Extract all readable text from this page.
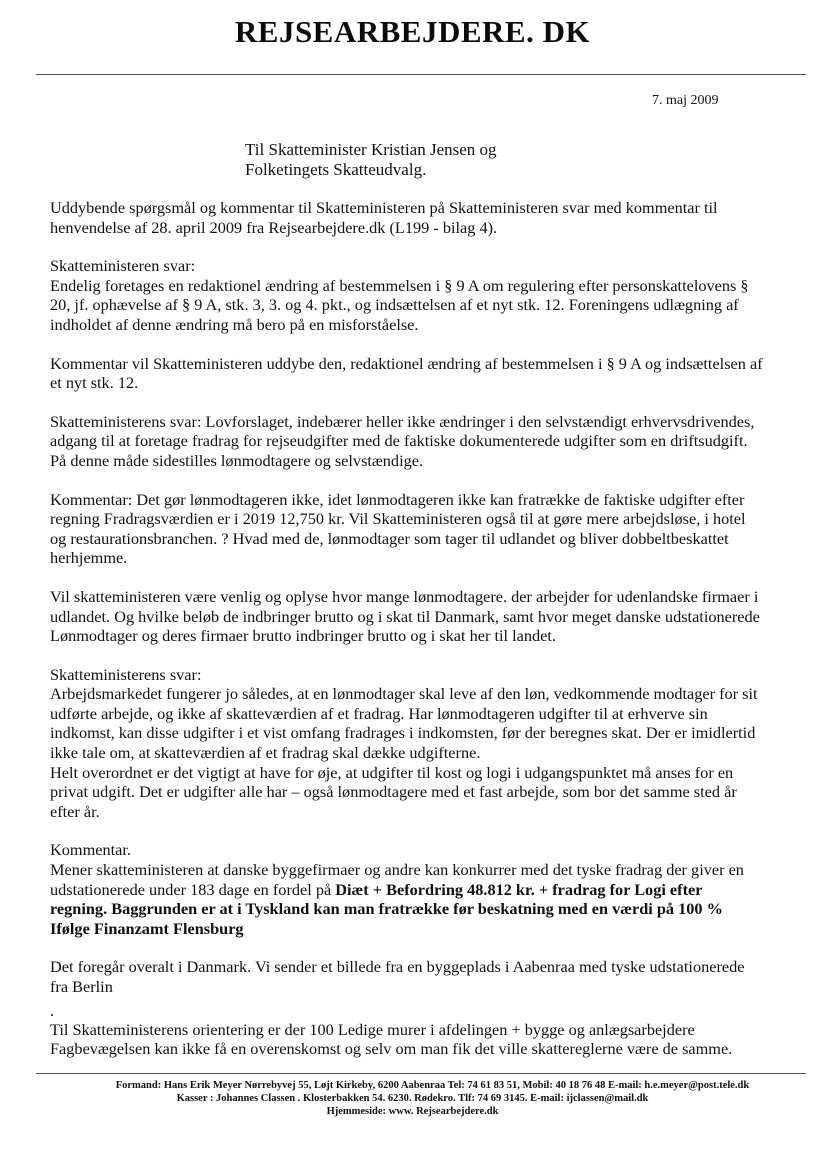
REJSEARBEJDERE. DK
7. maj 2009
Til Skatteminister Kristian Jensen og
Folketingets Skatteudvalg.

Uddybende spørgsmål og kommentar til Skatteministeren på Skatteministeren svar med kommentar til
henvendelse af 28. april 2009 fra Rejsearbejdere.dk (L199 - bilag 4).

Skatteministeren svar:
Endelig foretages en redaktionel ændring af bestemmelsen i § 9 A om regulering efter personskattelovens §
20, jf. ophævelse af § 9 A, stk. 3, 3. og 4. pkt., og indsættelsen af et nyt stk. 12. Foreningens udlægning af
indholdet af denne ændring må bero på en misforståelse.

Kommentar vil Skatteministeren uddybe den, redaktionel ændring af bestemmelsen i § 9 A og indsættelsen af
et nyt stk. 12.

Skatteministerens svar: Lovforslaget, indebærer heller ikke ændringer i den selvstændigt erhvervsdrivendes,
adgang til at foretage fradrag for rejseudgifter med de faktiske dokumenterede udgifter som en driftsudgift.
På denne måde sidestilles lønmodtagere og selvstændige.

Kommentar: Det gør lønmodtageren ikke, idet lønmodtageren ikke kan fratrække de faktiske udgifter efter
regning Fradragsværdien er i 2019 12,750 kr. Vil Skatteministeren også til at gøre mere arbejdsløse, i hotel
og restaurationsbranchen. ? Hvad med de, lønmodtager som tager til udlandet og bliver dobbeltbeskattet
herhjemme.

Vil skatteministeren være venlig og oplyse hvor mange lønmodtagere. der arbejder for udenlandske firmaer i
udlandet. Og hvilke beløb de indbringer brutto og i skat til Danmark, samt hvor meget danske udstationerede
Lønmodtager og deres firmaer brutto indbringer brutto og i skat her til landet.

Skatteministerens svar:
Arbejdsmarkedet fungerer jo således, at en lønmodtager skal leve af den løn, vedkommende modtager for sit
udførte arbejde, og ikke af skatteværdien af et fradrag. Har lønmodtageren udgifter til at erhverve sin
indkomst, kan disse udgifter i et vist omfang fradrages i indkomsten, før der beregnes skat. Der er imidlertid
ikke tale om, at skatteværdien af et fradrag skal dække udgifterne.
Helt overordnet er det vigtigt at have for øje, at udgifter til kost og logi i udgangspunktet må anses for en
privat udgift. Det er udgifter alle har – også lønmodtagere med et fast arbejde, som bor det samme sted år
efter år.

Kommentar.
Mener skatteministeren at danske byggefirmaer og andre kan konkurrer med det tyske fradrag der giver en
udstationerede under 183 dage en fordel på Diæt + Befordring 48.812 kr. + fradrag for Logi efter
regning. Baggrunden er at i Tyskland kan man fratrække før beskatning med en værdi på 100 %
Ifølge Finanzamt Flensburg

Det foregår overalt i Danmark. Vi sender et billede fra en byggeplads i Aabenraa med tyske udstationerede
fra Berlin

.

Til Skatteministerens orientering er der 100 Ledige murer i afdelingen + bygge og anlægsarbejdere
Fagbevægelsen kan ikke få en overenskomst og selv om man fik det ville skattereglerne være de samme.

Formand: Hans Erik Meyer Nørrebyvej 55, Løjt Kirkeby, 6200 Aabenraa Tel: 74 61 83 51, Mobil: 40 18 76 48 E-mail: h.e.meyer@post.tele.dk
Kasser : Johannes Classen . Klosterbakken 54. 6230. Rødekro. Tlf: 74 69 3145. E-mail: ijclassen@mail.dk
Hjemmeside: www. Rejsearbejdere.dk
